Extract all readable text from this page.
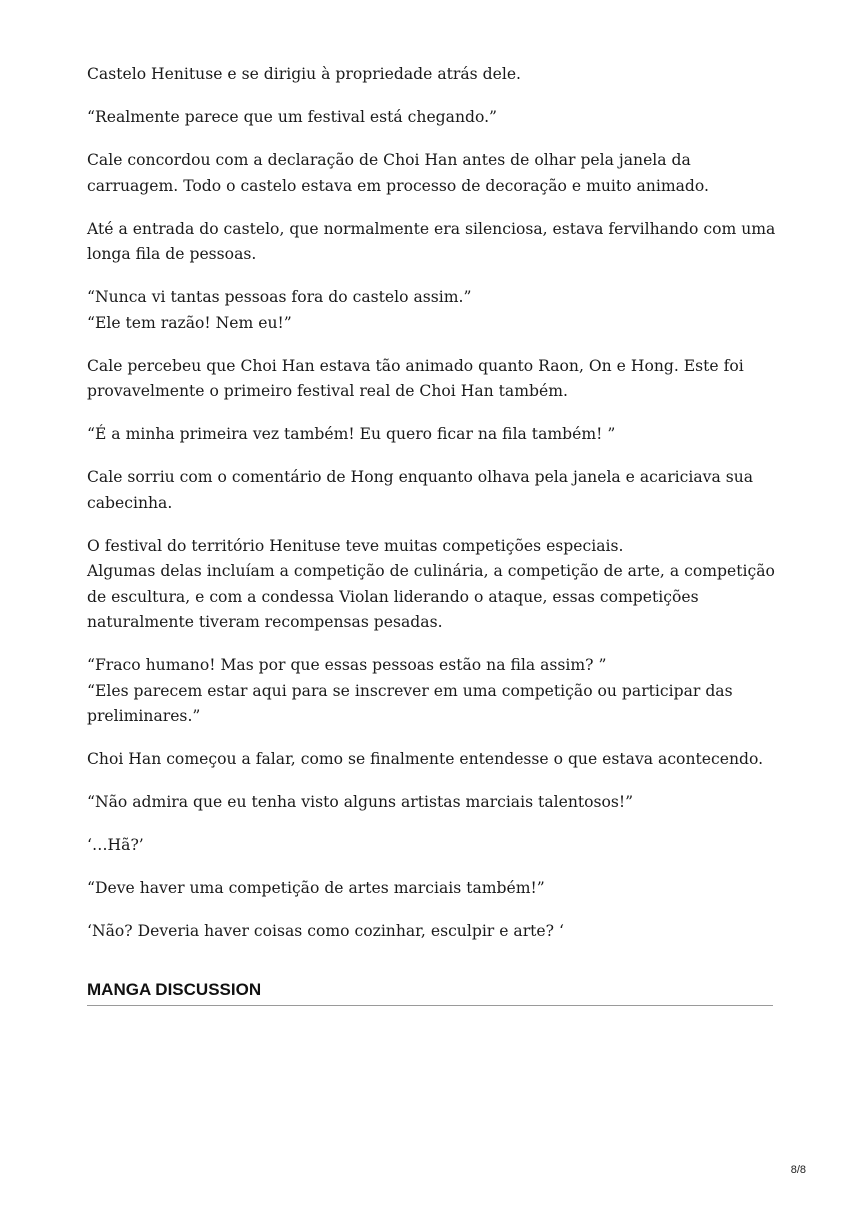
Castelo Henituse e se dirigiu à propriedade atrás dele.

“Realmente parece que um festival está chegando.”

Cale concordou com a declaração de Choi Han antes de olhar pela janela da
carruagem. Todo o castelo estava em processo de decoração e muito animado.

Até a entrada do castelo, que normalmente era silenciosa, estava fervilhando com uma
longa fila de pessoas.

“Nunca vi tantas pessoas fora do castelo assim.”
“Ele tem razão! Nem eu!”

Cale percebeu que Choi Han estava tão animado quanto Raon, On e Hong. Este foi
provavelmente o primeiro festival real de Choi Han também.

“É a minha primeira vez também! Eu quero ficar na fila também! ”

Cale sorriu com o comentário de Hong enquanto olhava pela janela e acariciava sua
cabecinha.

O festival do território Henituse teve muitas competições especiais.
Algumas delas incluíam a competição de culinária, a competição de arte, a competição
de escultura, e com a condessa Violan liderando o ataque, essas competições
naturalmente tiveram recompensas pesadas.

“Fraco humano! Mas por que essas pessoas estão na fila assim? ”
“Eles parecem estar aqui para se inscrever em uma competição ou participar das
preliminares.”

Choi Han começou a falar, como se finalmente entendesse o que estava acontecendo.

“Não admira que eu tenha visto alguns artistas marciais talentosos!”

‘…Hã?’

“Deve haver uma competição de artes marciais também!”

‘Não? Deveria haver coisas como cozinhar, esculpir e arte? ‘

MANGA DISCUSSION
8/8
